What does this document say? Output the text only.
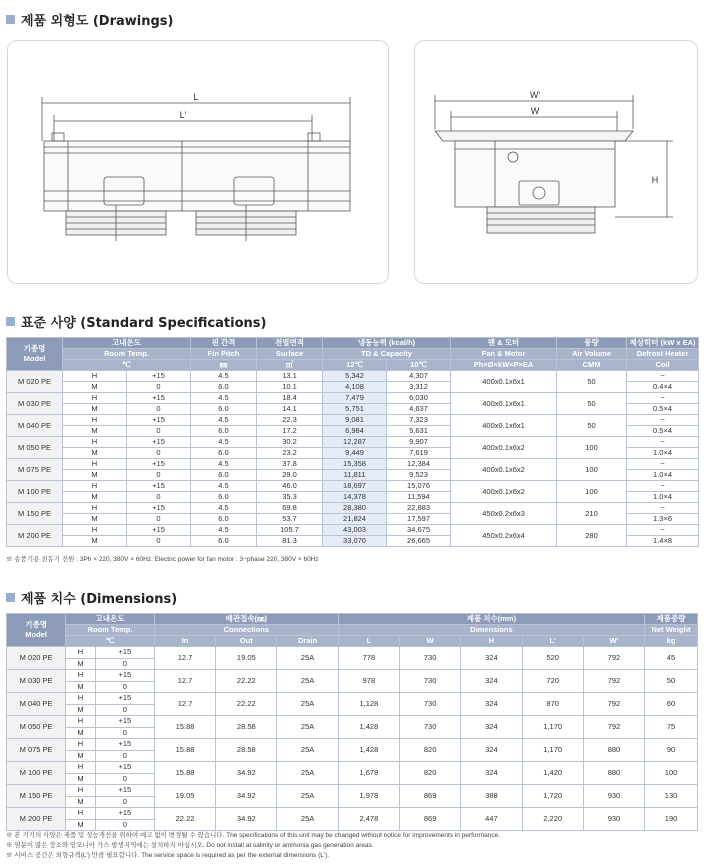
제품 외형도 (Drawings)
L
L'
W'
W
H
표준 사양 (Standard Specifications)
기종명
Model	고내온도		핀 간격	전열면적	냉동능력 (kcal/h)		팬 & 모터	풍량	제상히터 (kW x EA)
	Room Temp.		Fin Pitch	Surface	TD & Capacity		Fan & Motor	Air Volume	Defrost Heater
	℃		㎜	㎡	12℃	10℃	Ph×Ø×kW×P×EA	CMM	Coil
M 020 PE	H	+15	4.5	13.1	5,342	4,307	400x0.1x6x1	50	−
	M	0	6.0	10.1	4,108	3,312			0.4×4
M 030 PE	H	+15	4.5	18.4	7,479	6,030	400x0.1x6x1	50	−
	M	0	6.0	14.1	5,751	4,637			0.5×4
M 040 PE	H	+15	4.5	22.3	9,081	7,323	400x0.1x6x1	50	−
	M	0	6.0	17.2	6,984	5,631			0.5×4
M 050 PE	H	+15	4.5	30.2	12,287	9,907	400x0.1x6x2	100	−
	M	0	6.0	23.2	9,449	7,619			1.0×4
M 075 PE	H	+15	4.5	37.8	15,358	12,384	400x0.1x6x2	100	−
	M	0	6.0	29.0	11,811	9,523			1.0×4
M 100 PE	H	+15	4.5	46.0	18,697	15,076	400x0.1x6x2	100	−
	M	0	6.0	35.3	14,378	11,594			1.0×4
M 150 PE	H	+15	4.5	69.8	28,380	22,883	450x0.2x6x3	210	−
	M	0	6.0	53.7	21,824	17,597			1.3×6
M 200 PE	H	+15	4.5	105.7	43,003	34,675	450x0.2x6x4	280	−
	M	0	6.0	81.3	33,070	26,665			1.4×8
※ 송풍기용 전동기 전원 : 3Ph × 220, 380V × 60Hz. Electric power for fan motor : 3−phase 220, 380V × 60Hz
제품 치수 (Dimensions)
기종명
Model	고내온도		배관접속(㎜)			제품 치수(mm)					제품중량
	Room Temp.		Connections			Dimensions					Net Weight
	℃		In	Out	Drain	L	W	H	L'	W'	kg
M 020 PE	H	+15	12.7	19.05	25A	778	730	324	520	792	45
	M	0									
M 030 PE	H	+15	12.7	22.22	25A	978	730	324	720	792	50
	M	0									
M 040 PE	H	+15	12.7	22.22	25A	1,128	730	324	870	792	60
	M	0									
M 050 PE	H	+15	15.88	28.58	25A	1,428	730	324	1,170	792	75
	M	0									
M 075 PE	H	+15	15.88	28.58	25A	1,428	820	324	1,170	880	90
	M	0									
M 100 PE	H	+15	15.88	34.92	25A	1,678	820	324	1,420	880	100
	M	0									
M 150 PE	H	+15	19.05	34.92	25A	1,978	869	388	1,720	930	130
	M	0									
M 200 PE	H	+15	22.22	34.92	25A	2,478	869	447	2,220	930	190
	M	0									
※ 본 기기의 사양은 제품 및 성능개선을 위하여 예고 없이 변경될 수 있습니다. The specifications of this unit may be changed without notice for improvements in performance.
※ 염분이 많은 장소와 암모니아 가스 발생지역에는 설치하지 마십시오. Do not install at salinity or ammonia gas generation areas.
※ 서비스 공간은 외형규격(L') 만큼 필요합니다. The service space is required as per the external dimensions (L').
